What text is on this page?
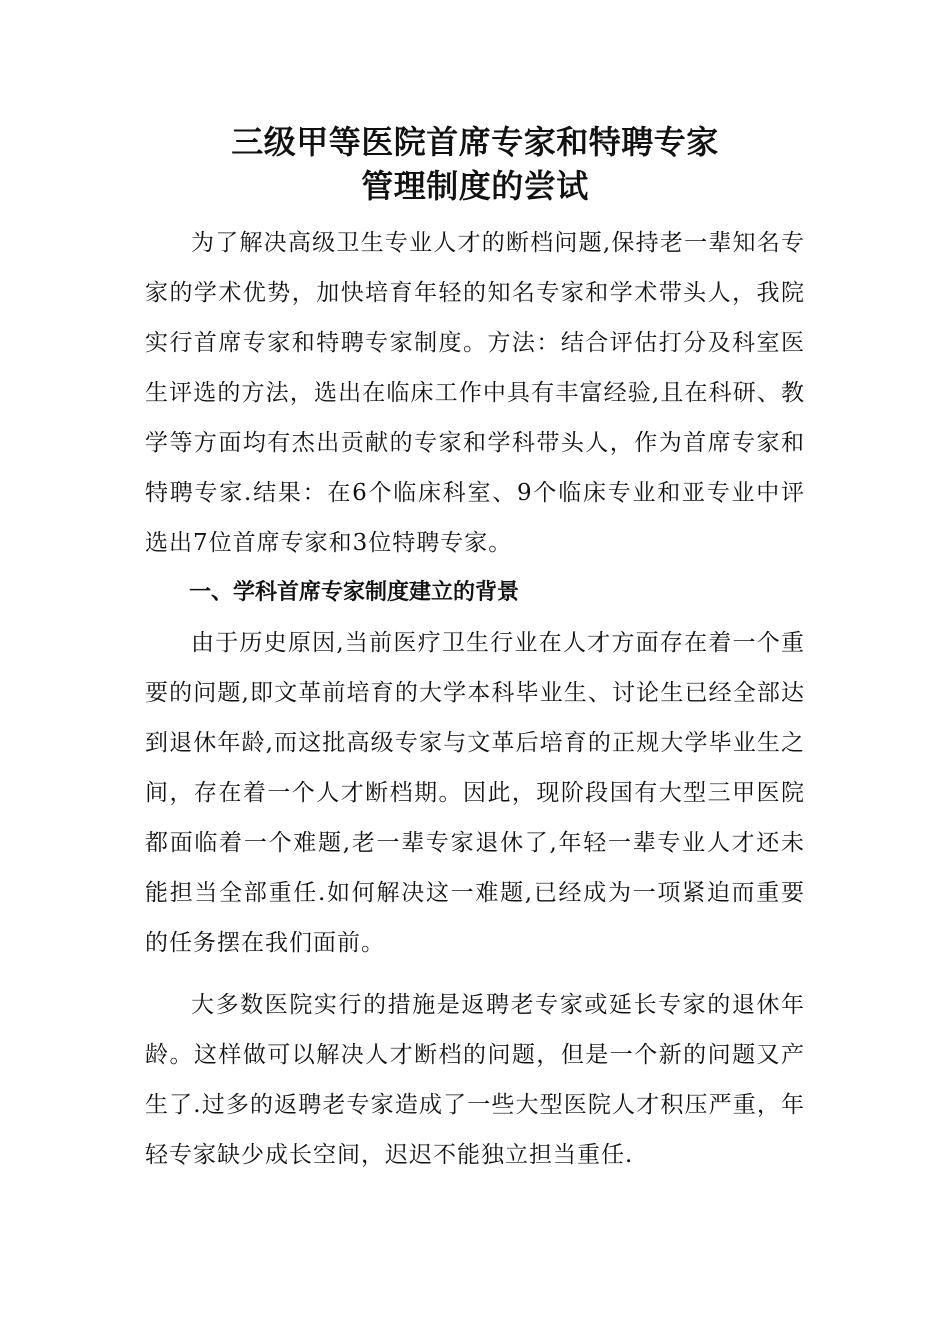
三级甲等医院首席专家和特聘专家
管理制度的尝试

为了解决高级卫生专业人才的断档问题,保持老一辈知名专家的学术优势，加快培育年轻的知名专家和学术带头人，我院实行首席专家和特聘专家制度。方法：结合评估打分及科室医生评选的方法，选出在临床工作中具有丰富经验,且在科研、教学等方面均有杰出贡献的专家和学科带头人，作为首席专家和特聘专家.结果：在6个临床科室、9个临床专业和亚专业中评选出7位首席专家和3位特聘专家。

一、学科首席专家制度建立的背景

由于历史原因,当前医疗卫生行业在人才方面存在着一个重要的问题,即文革前培育的大学本科毕业生、讨论生已经全部达到退休年龄,而这批高级专家与文革后培育的正规大学毕业生之间，存在着一个人才断档期。因此，现阶段国有大型三甲医院都面临着一个难题,老一辈专家退休了,年轻一辈专业人才还未能担当全部重任.如何解决这一难题,已经成为一项紧迫而重要的任务摆在我们面前。

大多数医院实行的措施是返聘老专家或延长专家的退休年龄。这样做可以解决人才断档的问题，但是一个新的问题又产生了.过多的返聘老专家造成了一些大型医院人才积压严重，年轻专家缺少成长空间，迟迟不能独立担当重任.
